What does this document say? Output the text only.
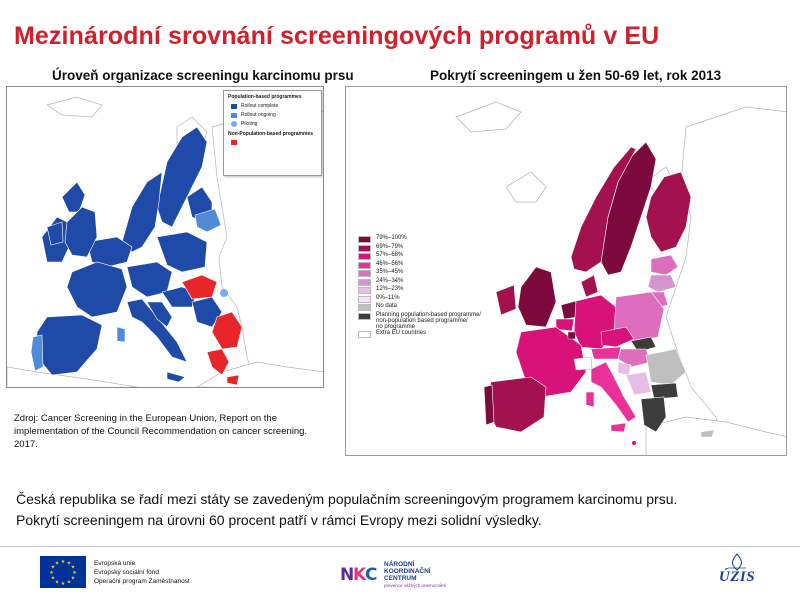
Mezinárodní srovnání screeningových programů v EU
Úroveň organizace screeningu karcinomu prsu	Pokrytí screeningem u žen 50-69 let, rok 2013
Population-based programmes
Rollout complete
Rollout ongoing
Piloting
Non-Population-based programmes
Zdroj: Cancer Screening in the European Union, Report on the implementation of the Council Recommendation on cancer screening. 2017.
79%–100%
69%–79%
57%–68%
46%–56%
35%–45%
24%–34%
12%–23%
0%–11%
No data
Planning population-based programme/
non-population based programme/
no programme
Extra EU countries

Česká republika se řadí mezi státy se zavedeným populačním screeningovým programem karcinomu prsu.

Pokrytí screeningem na úrovni 60 procent patří v rámci Evropy mezi solidní výsledky.

★ ★
★
★
★
★
★
★
★
★
★
★	Evropská unie
Evropský sociální fond
Operační program Zaměstnanost	N
K
C
NÁRODNÍ
KOORDINAČNÍ
CENTRUM
prevence vážných onemocnění
ÚZIS
